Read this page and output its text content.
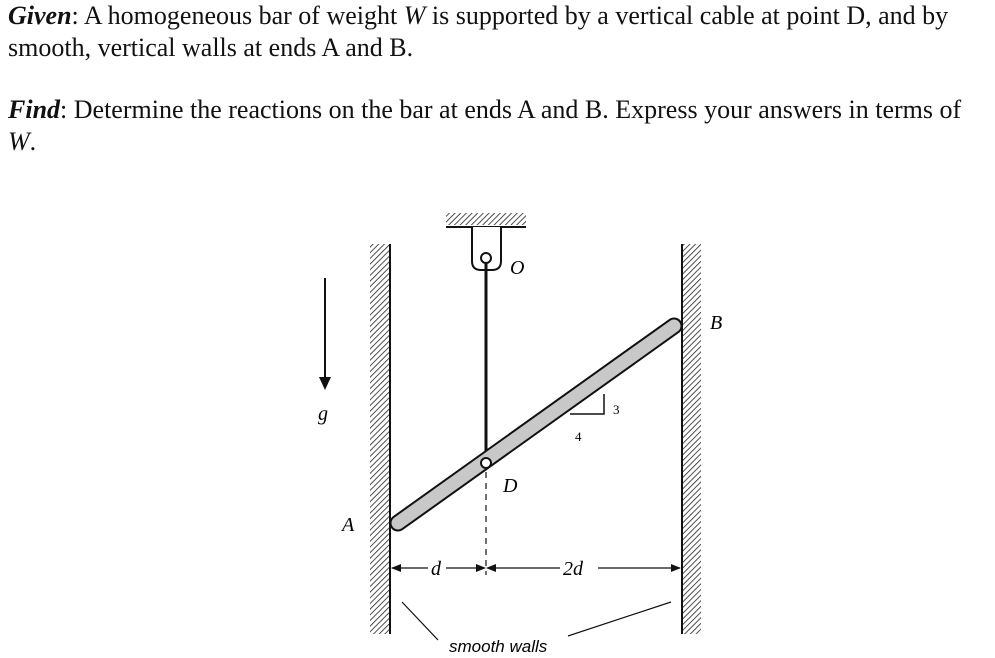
Given: A homogeneous bar of weight W is supported by a vertical cable at point D, and by smooth, vertical walls at ends A and B.

Find: Determine the reactions on the bar at ends A and B. Express your answers in terms of W.

O
D
A
B
g
4
3
d	2d
smooth walls
